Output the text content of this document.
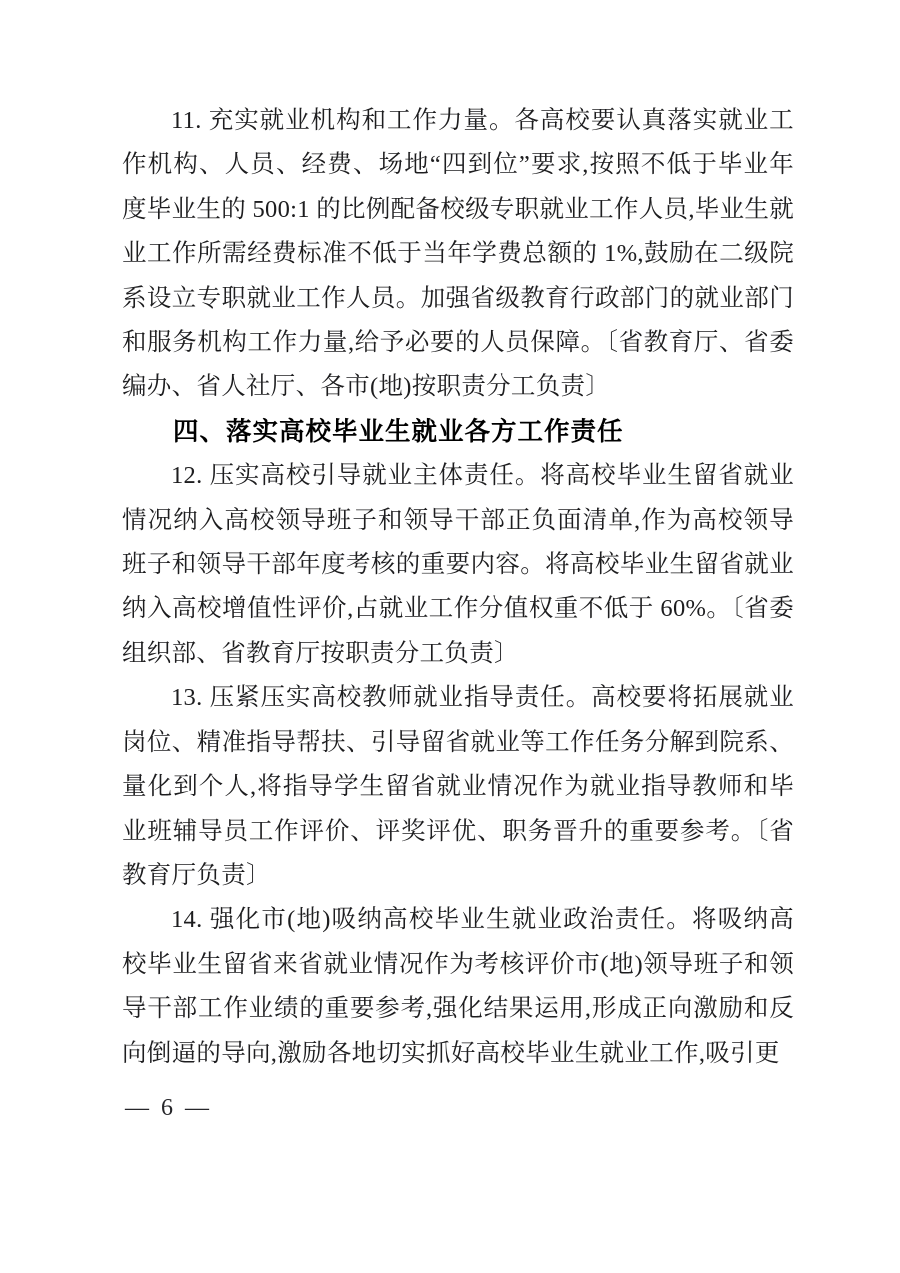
11. 充实就业机构和工作力量。各高校要认真落实就业工作机构、人员、经费、场地“四到位”要求,按照不低于毕业年度毕业生的 500:1 的比例配备校级专职就业工作人员,毕业生就业工作所需经费标准不低于当年学费总额的 1%,鼓励在二级院系设立专职就业工作人员。加强省级教育行政部门的就业部门和服务机构工作力量,给予必要的人员保障。〔省教育厅、省委编办、省人社厅、各市(地)按职责分工负责〕

四、落实高校毕业生就业各方工作责任

12. 压实高校引导就业主体责任。将高校毕业生留省就业情况纳入高校领导班子和领导干部正负面清单,作为高校领导班子和领导干部年度考核的重要内容。将高校毕业生留省就业纳入高校增值性评价,占就业工作分值权重不低于 60%。〔省委组织部、省教育厅按职责分工负责〕

13. 压紧压实高校教师就业指导责任。高校要将拓展就业岗位、精准指导帮扶、引导留省就业等工作任务分解到院系、量化到个人,将指导学生留省就业情况作为就业指导教师和毕业班辅导员工作评价、评奖评优、职务晋升的重要参考。〔省教育厅负责〕

14. 强化市(地)吸纳高校毕业生就业政治责任。将吸纳高校毕业生留省来省就业情况作为考核评价市(地)领导班子和领导干部工作业绩的重要参考,强化结果运用,形成正向激励和反向倒逼的导向,激励各地切实抓好高校毕业生就业工作,吸引更

— 6 —
